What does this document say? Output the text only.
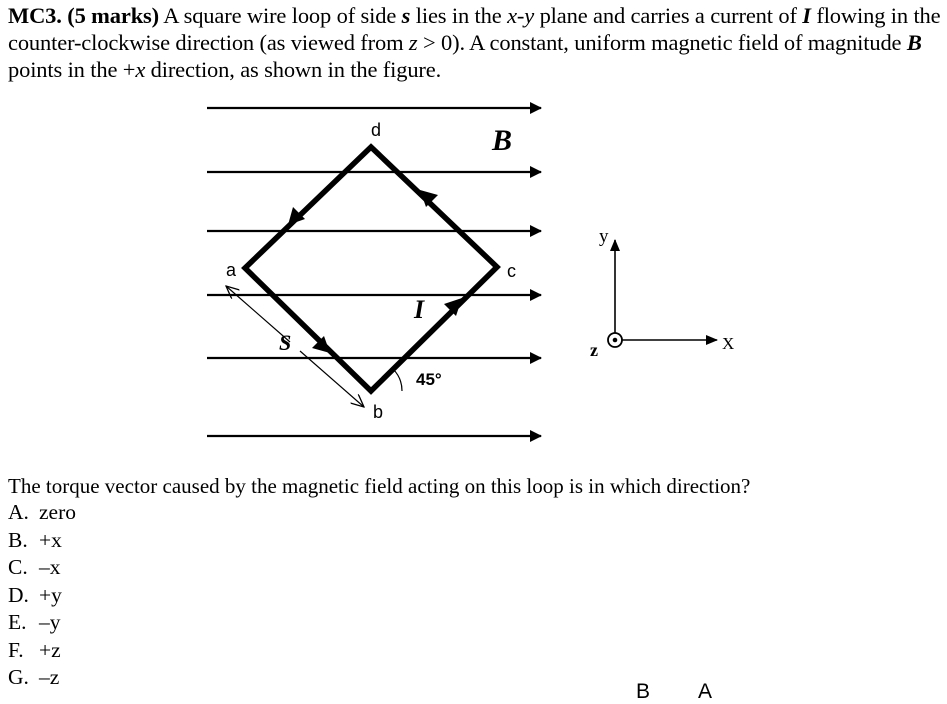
MC3. (5 marks) A square wire loop of side s lies in the x-y plane and carries a current of I flowing in the counter-clockwise direction (as viewed from z > 0). A constant, uniform magnetic field of magnitude B points in the +x direction, as shown in the figure.
B
I
S
45°
d
a	c
b
y
X
z
The torque vector caused by the magnetic field acting on this loop is in which direction?
A. zero
B. +x
C. –x
D. +y
E. –y
F. +z
G. –z
BA
